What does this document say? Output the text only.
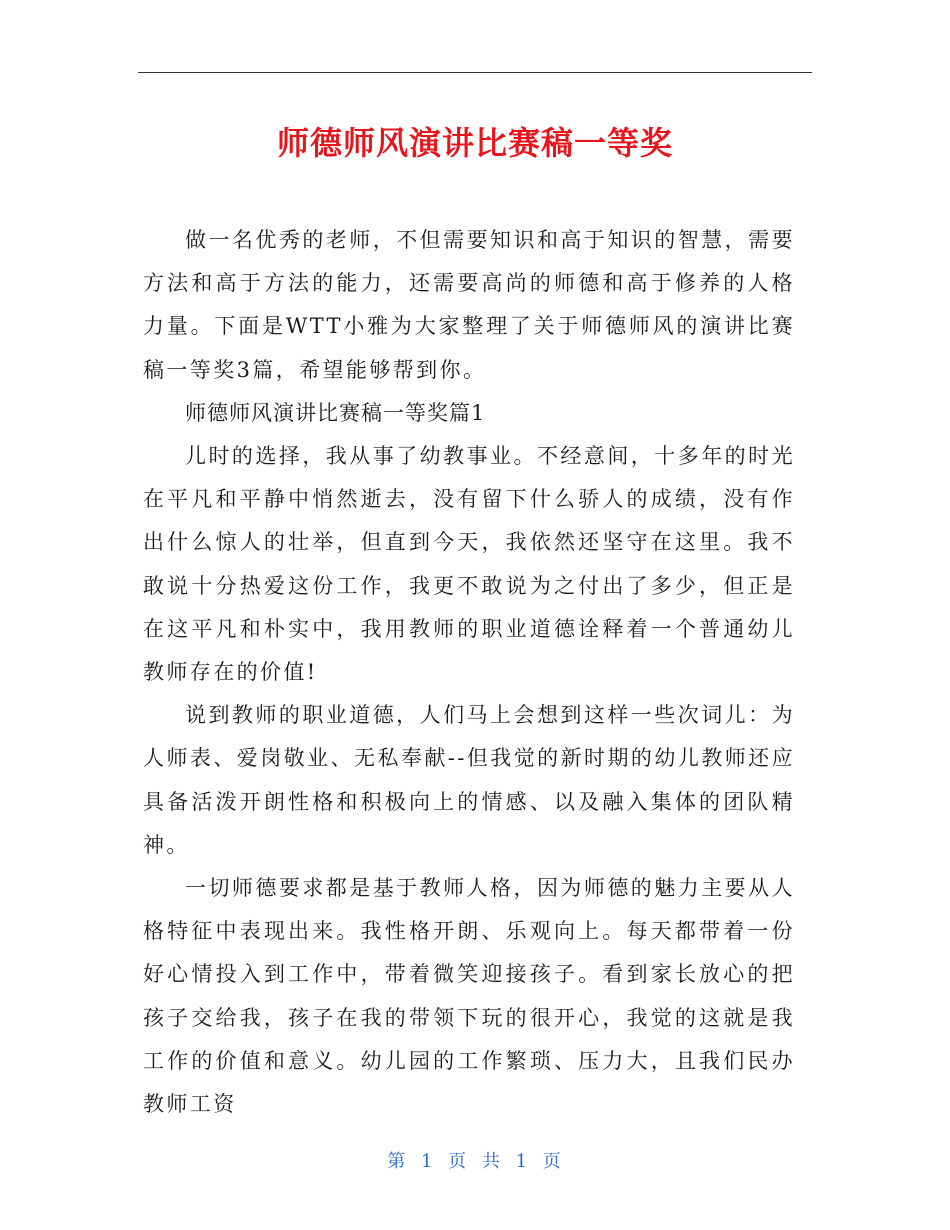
师德师风演讲比赛稿一等奖

做一名优秀的老师，不但需要知识和高于知识的智慧，需要方法和高于方法的能力，还需要高尚的师德和高于修养的人格力量。下面是WTT小雅为大家整理了关于师德师风的演讲比赛稿一等奖3篇，希望能够帮到你。

师德师风演讲比赛稿一等奖篇1

儿时的选择，我从事了幼教事业。不经意间，十多年的时光在平凡和平静中悄然逝去，没有留下什么骄人的成绩，没有作出什么惊人的壮举，但直到今天，我依然还坚守在这里。我不敢说十分热爱这份工作，我更不敢说为之付出了多少，但正是在这平凡和朴实中，我用教师的职业道德诠释着一个普通幼儿教师存在的价值!

说到教师的职业道德，人们马上会想到这样一些次词儿：为人师表、爱岗敬业、无私奉献--但我觉的新时期的幼儿教师还应具备活泼开朗性格和积极向上的情感、以及融入集体的团队精神。

一切师德要求都是基于教师人格，因为师德的魅力主要从人格特征中表现出来。我性格开朗、乐观向上。每天都带着一份好心情投入到工作中，带着微笑迎接孩子。看到家长放心的把孩子交给我，孩子在我的带领下玩的很开心，我觉的这就是我工作的价值和意义。幼儿园的工作繁琐、压力大，且我们民办教师工资

第 1 页 共 1 页
